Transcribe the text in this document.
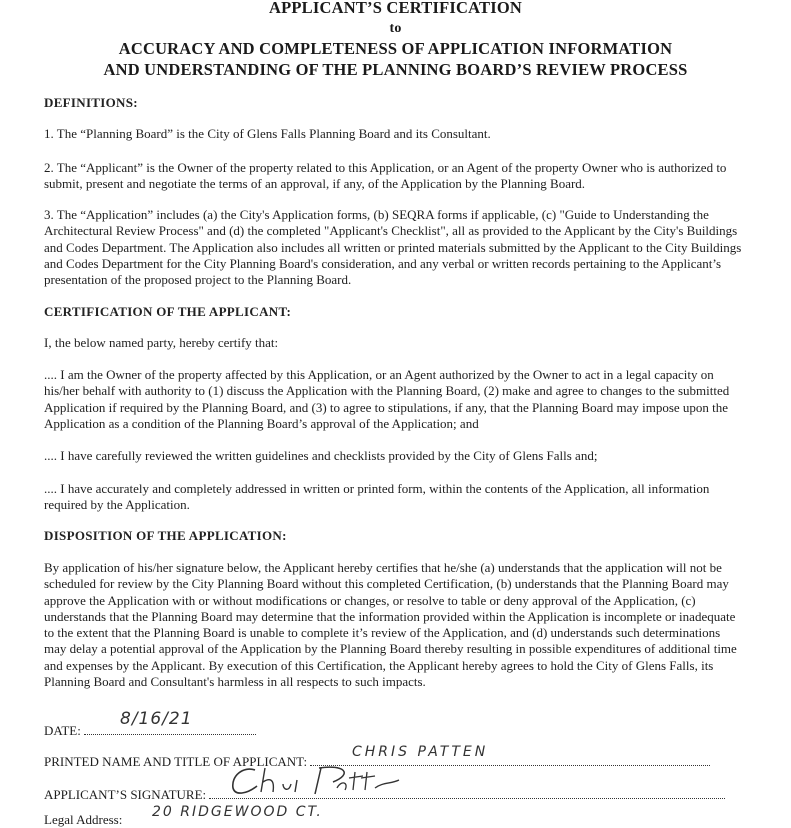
APPLICANT’S CERTIFICATION
to
ACCURACY AND COMPLETENESS OF APPLICATION INFORMATION
AND UNDERSTANDING OF THE PLANNING BOARD’S REVIEW PROCESS
DEFINITIONS:
1. The “Planning Board” is the City of Glens Falls Planning Board and its Consultant.
2. The “Applicant” is the Owner of the property related to this Application, or an Agent of the property Owner who is authorized to submit, present and negotiate the terms of an approval, if any, of the Application by the Planning Board.
3. The “Application” includes (a) the City's Application forms, (b) SEQRA forms if applicable, (c) "Guide to Understanding the Architectural Review Process" and (d) the completed "Applicant's Checklist", all as provided to the Applicant by the City's Buildings and Codes Department. The Application also includes all written or printed materials submitted by the Applicant to the City Buildings and Codes Department for the City Planning Board's consideration, and any verbal or written records pertaining to the Applicant’s presentation of the proposed project to the Planning Board.
CERTIFICATION OF THE APPLICANT:
I, the below named party, hereby certify that:
.... I am the Owner of the property affected by this Application, or an Agent authorized by the Owner to act in a legal capacity on his/her behalf with authority to (1) discuss the Application with the Planning Board, (2) make and agree to changes to the submitted Application if required by the Planning Board, and (3) to agree to stipulations, if any, that the Planning Board may impose upon the Application as a condition of the Planning Board’s approval of the Application; and
.... I have carefully reviewed the written guidelines and checklists provided by the City of Glens Falls and;
.... I have accurately and completely addressed in written or printed form, within the contents of the Application, all information required by the Application.
DISPOSITION OF THE APPLICATION:
By application of his/her signature below, the Applicant hereby certifies that he/she (a) understands that the application will not be scheduled for review by the City Planning Board without this completed Certification, (b) understands that the Planning Board may approve the Application with or without modifications or changes, or resolve to table or deny approval of the Application, (c) understands that the Planning Board may determine that the information provided within the Application is incomplete or inadequate to the extent that the Planning Board is unable to complete it’s review of the Application, and (d) understands such determinations may delay a potential approval of the Application by the Planning Board thereby resulting in possible expenditures of additional time and expenses by the Applicant. By execution of this Certification, the Applicant hereby agrees to hold the City of Glens Falls, its Planning Board and Consultant's harmless in all respects to such impacts.
DATE:
8/16/21
PRINTED NAME AND TITLE OF APPLICANT:
CHRIS PATTEN
APPLICANT’S SIGNATURE:
Legal Address: 20 RIDGEWOOD CT.
